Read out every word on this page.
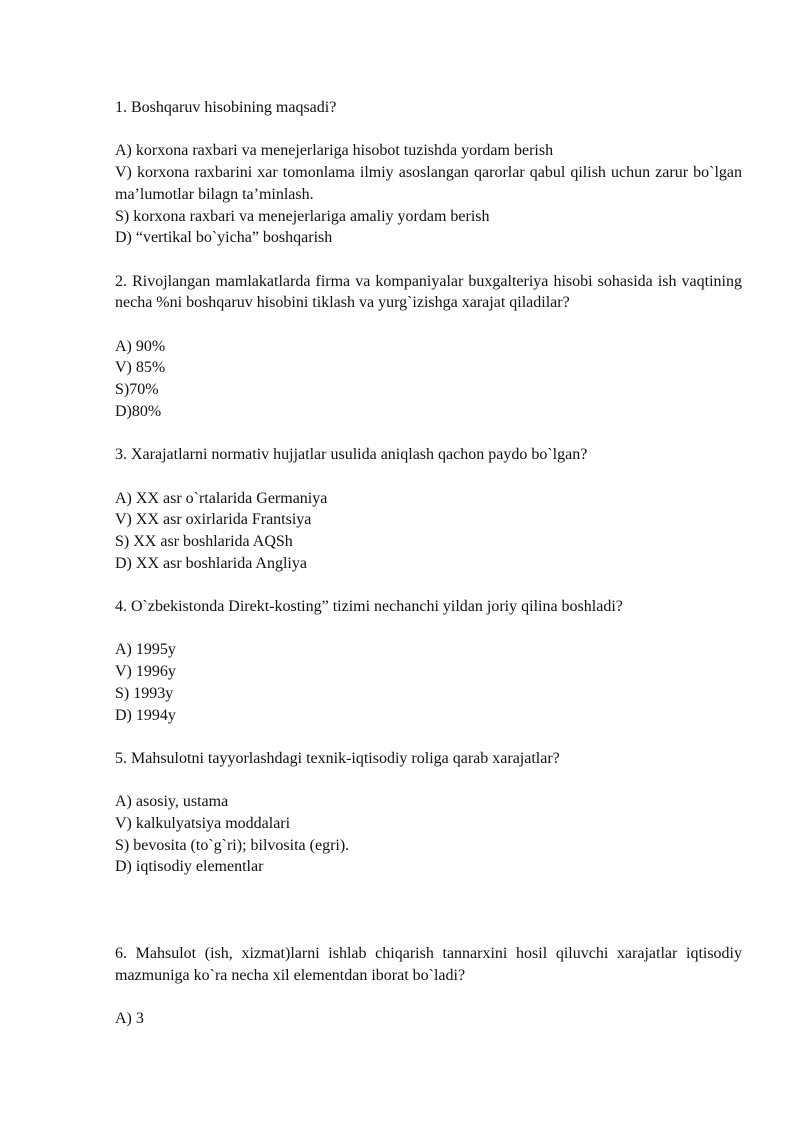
1. Boshqaruv hisobining maqsadi?

A) korxona raxbari va menejerlariga hisobot tuzishda yordam berish

V) korxona raxbarini xar tomonlama ilmiy asoslangan qarorlar qabul qilish uchun zarur bo`lgan ma’lumotlar bilagn ta’minlash.

S) korxona raxbari va menejerlariga amaliy yordam berish

D) “vertikal bo`yicha” boshqarish

2. Rivojlangan mamlakatlarda firma va kompaniyalar buxgalteriya hisobi sohasida ish vaqtining necha %ni boshqaruv hisobini tiklash va yurg`izishga xarajat qiladilar?

A) 90%

V) 85%

S)70%

D)80%

3. Xarajatlarni normativ hujjatlar usulida aniqlash qachon paydo bo`lgan?

A) XX asr o`rtalarida Germaniya

V) XX asr oxirlarida Frantsiya

S) XX asr boshlarida AQSh

D) XX asr boshlarida Angliya

4. O`zbekistonda Direkt-kosting” tizimi nechanchi yildan joriy qilina boshladi?

A) 1995y

V) 1996y

S) 1993y

D) 1994y

5. Mahsulotni tayyorlashdagi texnik-iqtisodiy roliga qarab xarajatlar?

A) asosiy, ustama

V) kalkulyatsiya moddalari

S) bevosita (to`g`ri); bilvosita (egri).

D) iqtisodiy elementlar

6. Mahsulot (ish, xizmat)larni ishlab chiqarish tannarxini hosil qiluvchi xarajatlar iqtisodiy mazmuniga ko`ra necha xil elementdan iborat bo`ladi?

A) 3
